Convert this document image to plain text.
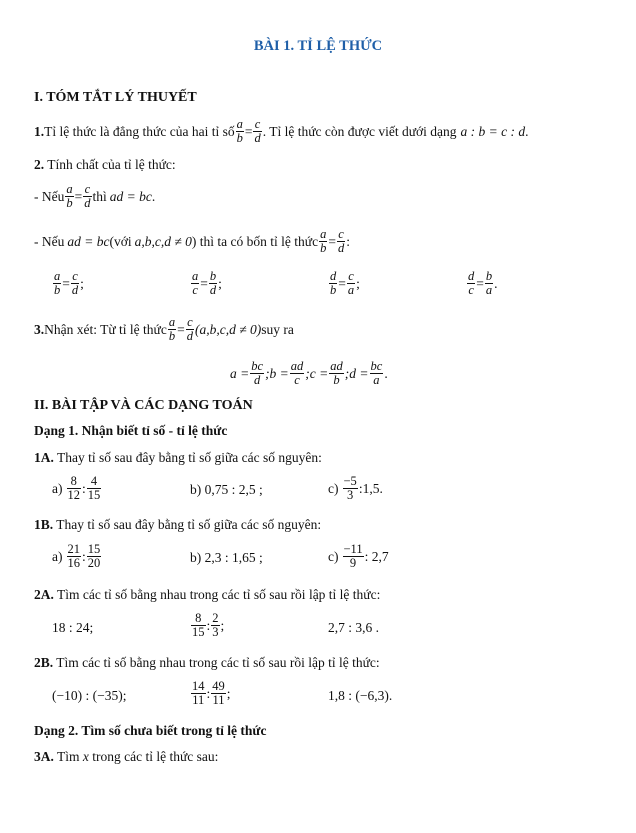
BÀI 1. TỈ LỆ THỨC
I. TÓM TẮT LÝ THUYẾT
1. Tỉ lệ thức là đẳng thức của hai tỉ số $\frac{a}{b} = \frac{c}{d}$ . Tỉ lệ thức còn được viết dưới dạng a : b = c : d .
2. Tính chất của tỉ lệ thức:
- Nếu $\frac{a}{b} = \frac{c}{d}$ thì ad = bc .
- Nếu ad = bc (với a,b,c,d ≠ 0 ) thì ta có bốn tỉ lệ thức $\frac{a}{b} = \frac{c}{d}$ :
$\frac{a}{b} = \frac{c}{d}$ ;	$\frac{a}{c} = \frac{b}{d}$ ;	$\frac{d}{b} = \frac{c}{a}$ ;	$\frac{d}{c} = \frac{b}{a}$ .
3. Nhận xét: Từ tỉ lệ thức $\frac{a}{b} = \frac{c}{d} (a,b,c,d \ne 0)$ suy ra
$a = \frac{bc}{d}$ ;b = $\frac{ad}{c}$ ;c = $\frac{ad}{b}$ ;d = $\frac{bc}{a}$ .
II. BÀI TẬP VÀ CÁC DẠNG TOÁN
Dạng 1. Nhận biết tỉ số - tỉ lệ thức
1A. Thay tỉ số sau đây bằng tỉ số giữa các số nguyên:
$a) \frac{8}{12}$ : $\frac{4}{15}$	b) 0,75 : 2,5 ;	$c) \frac{-5}{3}$ :1,5.
1B. Thay tỉ số sau đây bằng tỉ số giữa các số nguyên:
$a) \frac{21}{16}$ : $\frac{15}{20}$	b) 2,3 : 1,65 ;	$c) \frac{-11}{9}$ : 2,7
2A. Tìm các tỉ số bằng nhau trong các tỉ số sau rồi lập tỉ lệ thức:
18 : 24;	$\frac{8}{15}$ : $\frac{2}{3}$ ;	2,7 : 3,6 .
2B. Tìm các tỉ số bằng nhau trong các tỉ số sau rồi lập tỉ lệ thức:
(−10) : (−35);	$\frac{14}{11}$ : $\frac{49}{11}$ ;	1,8 : (−6,3).
Dạng 2. Tìm số chưa biết trong tỉ lệ thức
3A. Tìm x trong các tỉ lệ thức sau:
